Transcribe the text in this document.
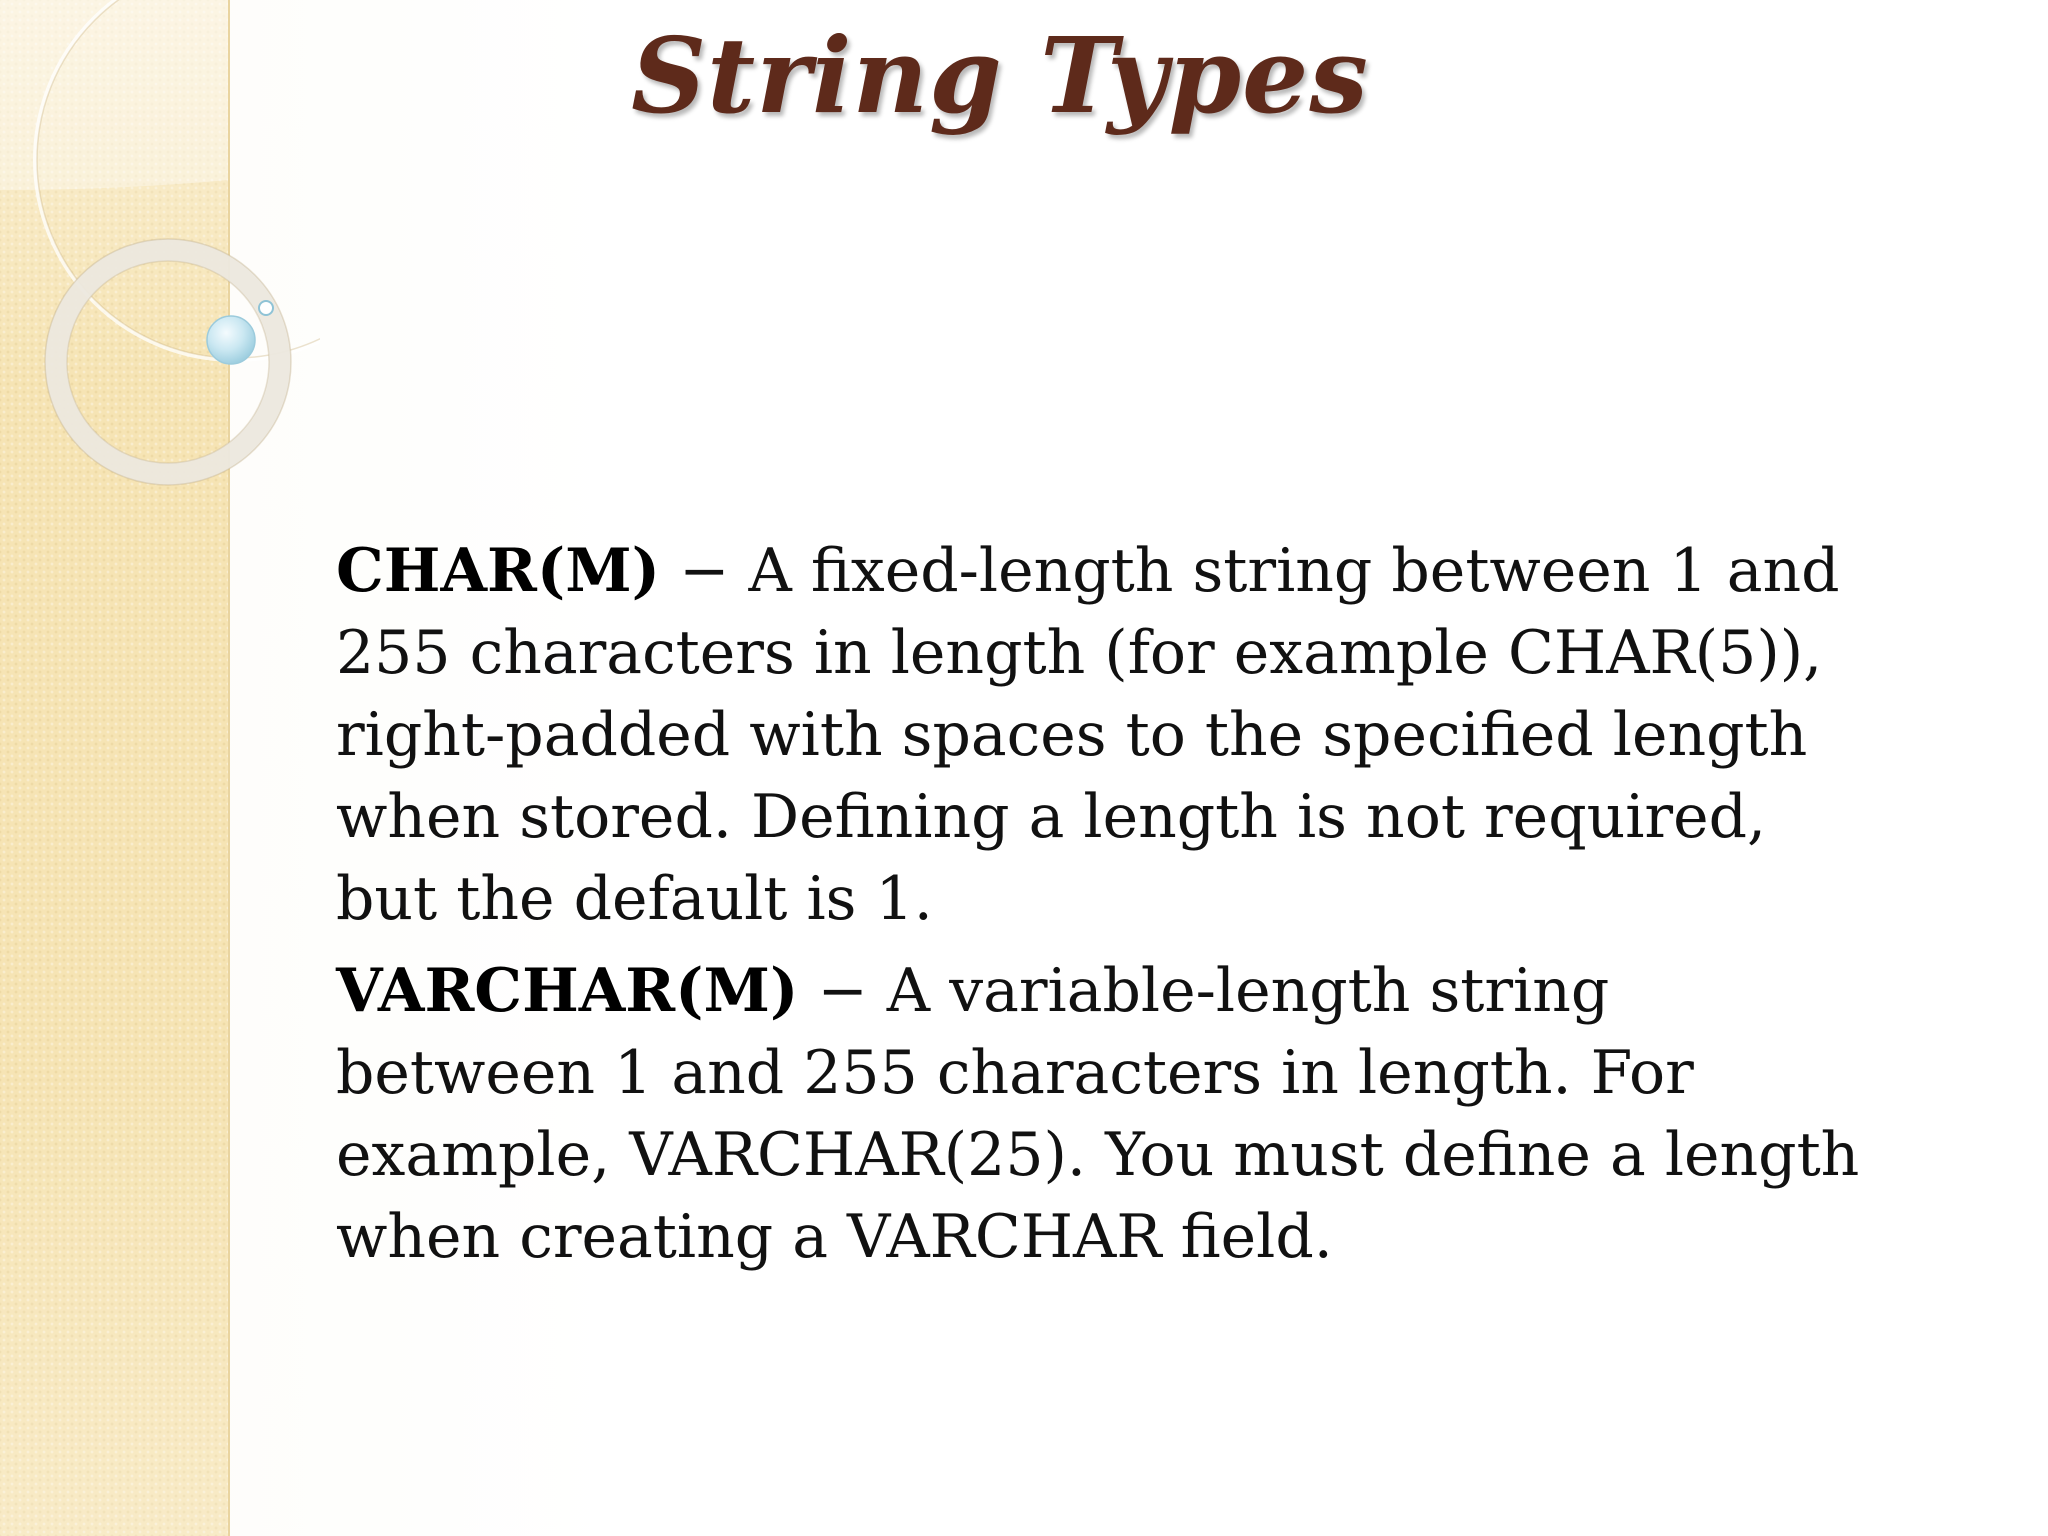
String Types

CHAR(M) − A fixed-length string between 1 and 255 characters in length (for example CHAR(5)), right-padded with spaces to the specified length when stored. Defining a length is not required, but the default is 1.

VARCHAR(M) − A variable-length string between 1 and 255 characters in length. For example, VARCHAR(25). You must define a length when creating a VARCHAR field.
